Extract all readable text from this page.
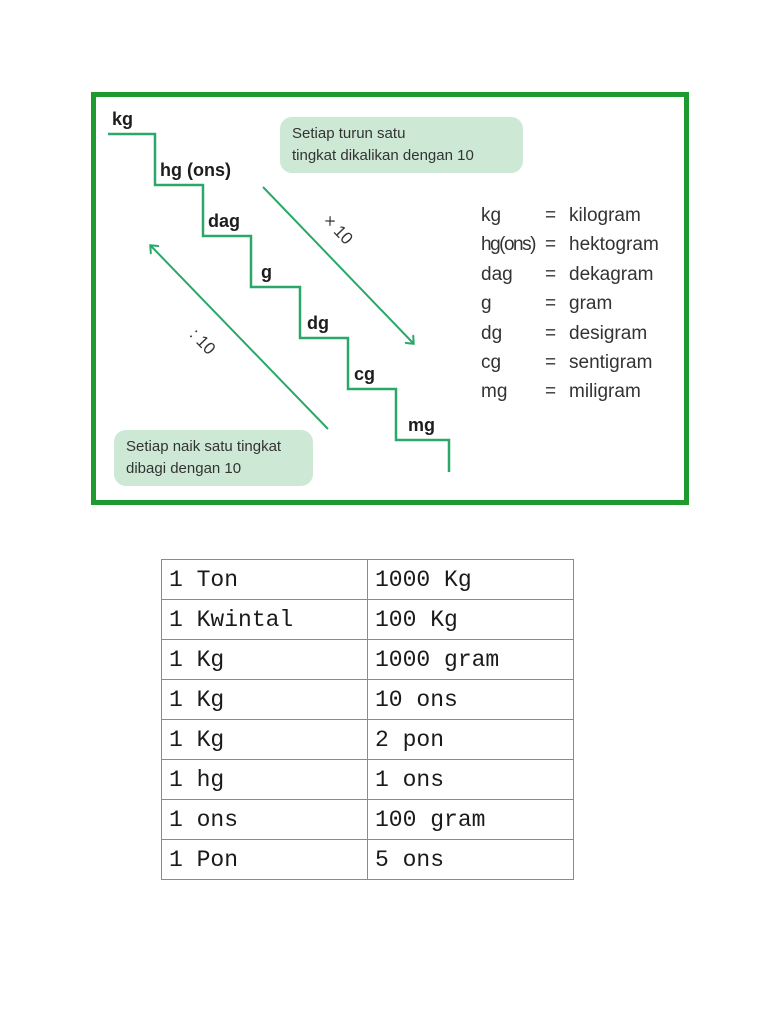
kg
hg (ons)
dag
g
dg
cg
mg
Setiap turun satu
tingkat dikalikan dengan 10
Setiap naik satu tingkat
dibagi dengan 10
× 10
: 10
kg = kilogram
hg(ons) = hektogram
dag = dekagram
g	= gram
dg = desigram
cg = sentigram
mg = miligram
1 Ton	1000 Kg
1 Kwintal	100 Kg
1 Kg	1000 gram
1 Kg	10 ons
1 Kg	2 pon
1 hg	1 ons
1 ons	100 gram
1 Pon	5 ons
